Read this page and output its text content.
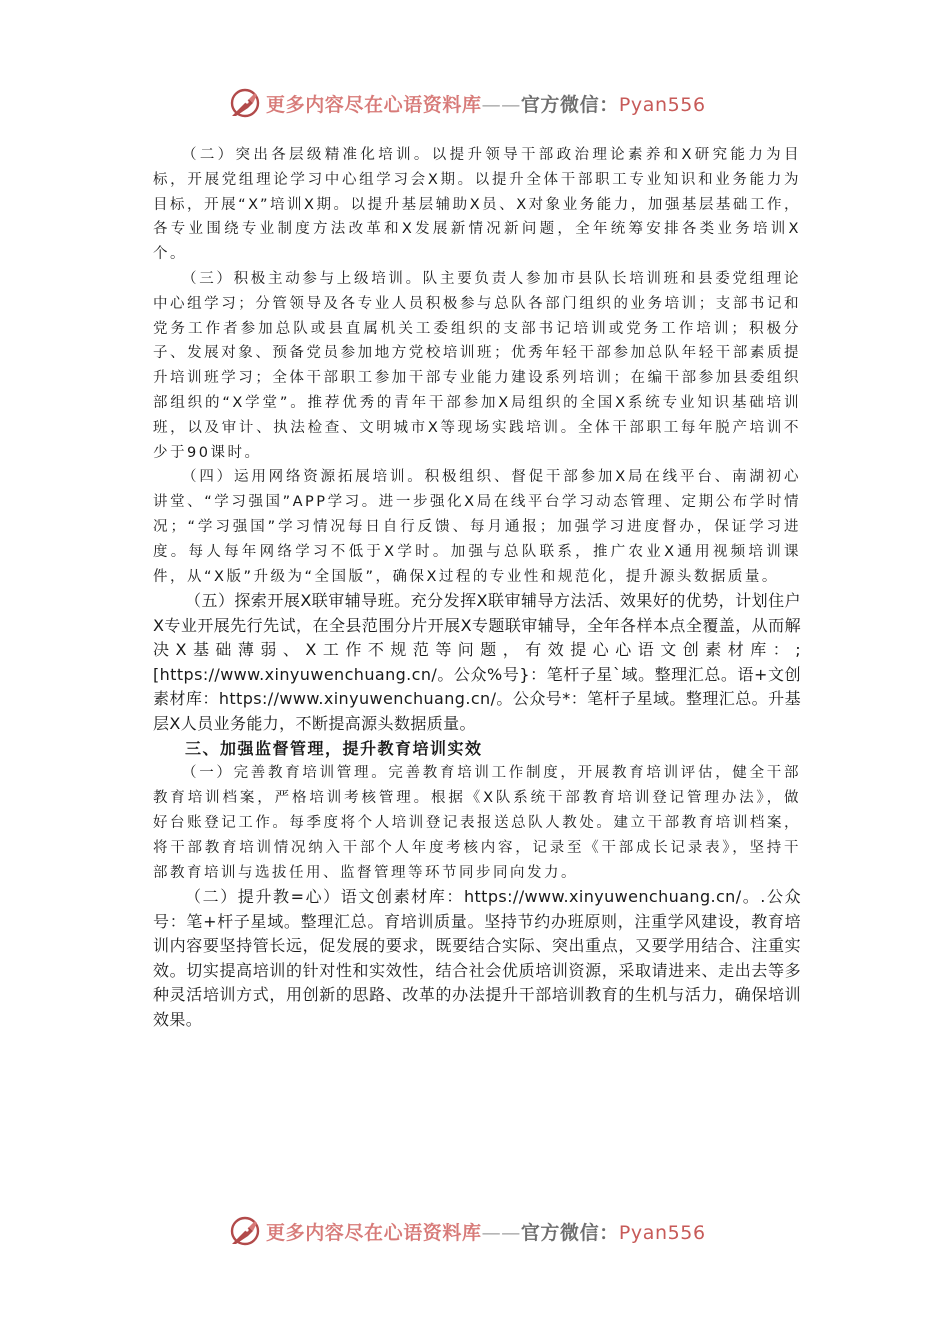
更多内容尽在心语资料库——官方微信：Pyan556

（二）突出各层级精准化培训。以提升领导干部政治理论素养和X研究能力为目标，开展党组理论学习中心组学习会X期。以提升全体干部职工专业知识和业务能力为目标，开展“X”培训X期。以提升基层辅助X员、X对象业务能力，加强基层基础工作，各专业围绕专业制度方法改革和X发展新情况新问题，全年统筹安排各类业务培训X个。

（三）积极主动参与上级培训。队主要负责人参加市县队长培训班和县委党组理论中心组学习；分管领导及各专业人员积极参与总队各部门组织的业务培训；支部书记和党务工作者参加总队或县直属机关工委组织的支部书记培训或党务工作培训；积极分子、发展对象、预备党员参加地方党校培训班；优秀年轻干部参加总队年轻干部素质提升培训班学习；全体干部职工参加干部专业能力建设系列培训；在编干部参加县委组织部组织的“X学堂”。推荐优秀的青年干部参加X局组织的全国X系统专业知识基础培训班，以及审计、执法检查、文明城市X等现场实践培训。全体干部职工每年脱产培训不少于90课时。

（四）运用网络资源拓展培训。积极组织、督促干部参加X局在线平台、南湖初心讲堂、“学习强国”APP学习。进一步强化X局在线平台学习动态管理、定期公布学时情况；“学习强国”学习情况每日自行反馈、每月通报；加强学习进度督办，保证学习进度。每人每年网络学习不低于X学时。加强与总队联系，推广农业X通用视频培训课件，从“X版”升级为“全国版”，确保X过程的专业性和规范化，提升源头数据质量。

（五）探索开展X联审辅导班。充分发挥X联审辅导方法活、效果好的优势，计划住户X专业开展先行先试，在全县范围分片开展X专题联审辅导，全年各样本点全覆盖，从而解决X基础薄弱、X工作不规范等问题，有效提心心语文创素材库：;[https://www.xinyuwenchuang.cn/。公众%号}：笔杆子星`域。整理汇总。语+文创素材库：https://www.xinyuwenchuang.cn/。公众号*：笔杆子星域。整理汇总。升基层X人员业务能力，不断提高源头数据质量。

三、加强监督管理，提升教育培训实效

（一）完善教育培训管理。完善教育培训工作制度，开展教育培训评估，健全干部教育培训档案，严格培训考核管理。根据《X队系统干部教育培训登记管理办法》，做好台账登记工作。每季度将个人培训登记表报送总队人教处。建立干部教育培训档案，将干部教育培训情况纳入干部个人年度考核内容，记录至《干部成长记录表》，坚持干部教育培训与选拔任用、监督管理等环节同步同向发力。

（二）提升教=心）语文创素材库：https://www.xinyuwenchuang.cn/。.公众号：笔+杆子星域。整理汇总。育培训质量。坚持节约办班原则，注重学风建设，教育培训内容要坚持管长远，促发展的要求，既要结合实际、突出重点，又要学用结合、注重实效。切实提高培训的针对性和实效性，结合社会优质培训资源，采取请进来、走出去等多种灵活培训方式，用创新的思路、改革的办法提升干部培训教育的生机与活力，确保培训效果。

更多内容尽在心语资料库——官方微信：Pyan556
